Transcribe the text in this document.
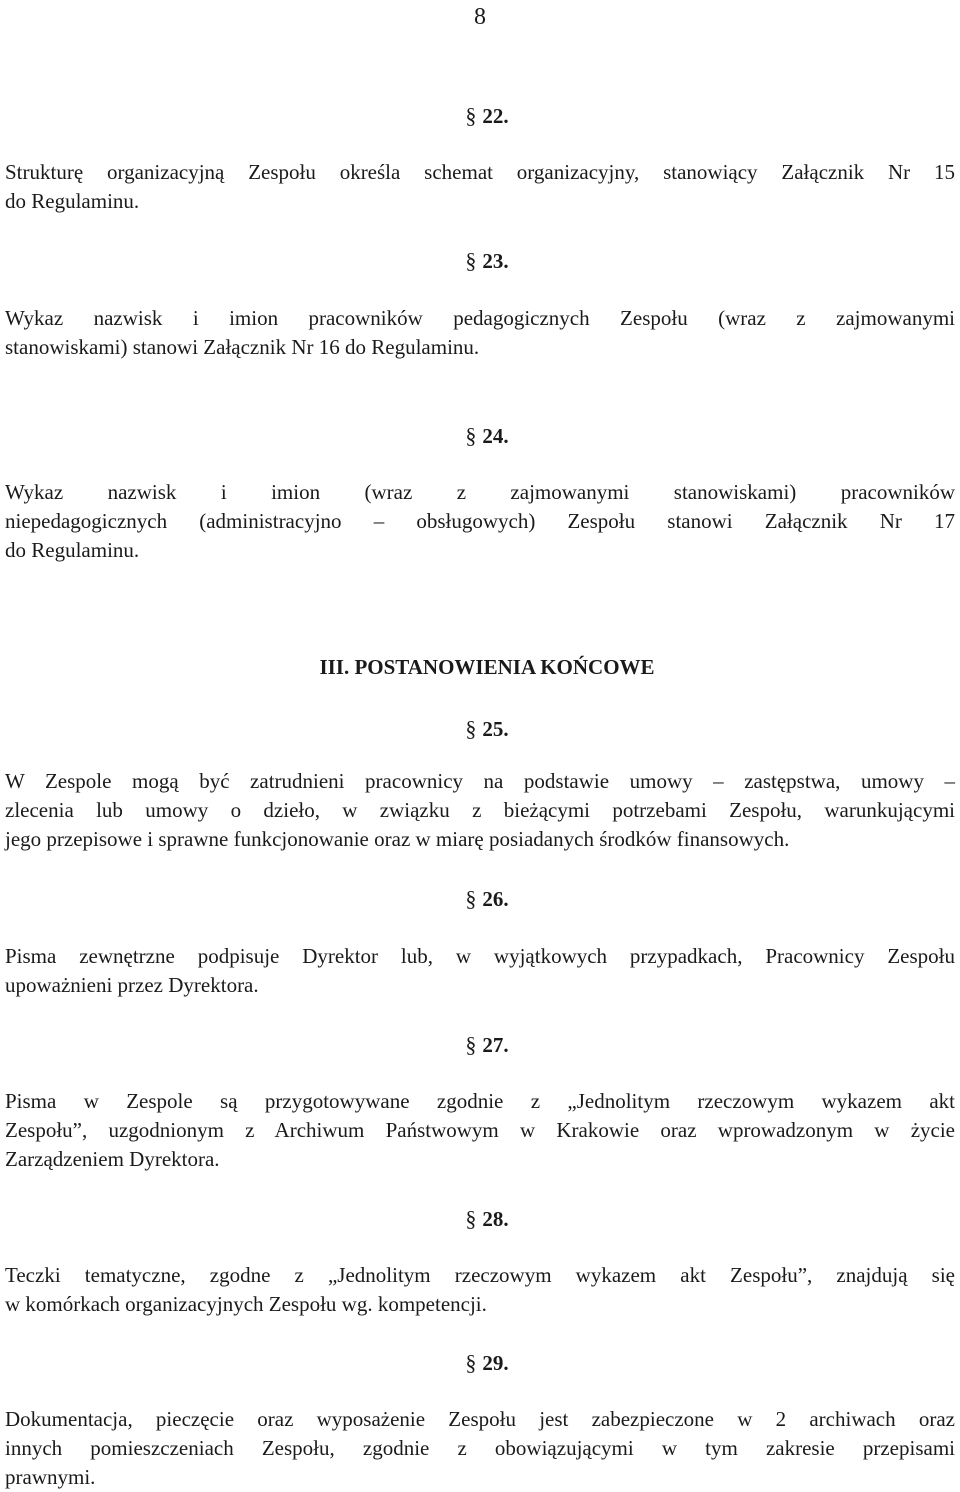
8
§ 22.
Strukturę organizacyjną Zespołu określa schemat organizacyjny, stanowiący Załącznik Nr 15
do Regulaminu.
§ 23.
Wykaz nazwisk i imion pracowników pedagogicznych Zespołu (wraz z zajmowanymi
stanowiskami) stanowi Załącznik Nr 16 do Regulaminu.
§ 24.
Wykaz nazwisk i imion (wraz z zajmowanymi stanowiskami) pracowników
niepedagogicznych (administracyjno – obsługowych) Zespołu stanowi Załącznik Nr 17
do Regulaminu.
III. POSTANOWIENIA KOŃCOWE
§ 25.
W Zespole mogą być zatrudnieni pracownicy na podstawie umowy – zastępstwa, umowy –
zlecenia lub umowy o dzieło, w związku z bieżącymi potrzebami Zespołu, warunkującymi
jego przepisowe i sprawne funkcjonowanie oraz w miarę posiadanych środków finansowych.
§ 26.
Pisma zewnętrzne podpisuje Dyrektor lub, w wyjątkowych przypadkach, Pracownicy Zespołu
upoważnieni przez Dyrektora.
§ 27.
Pisma w Zespole są przygotowywane zgodnie z „Jednolitym rzeczowym wykazem akt
Zespołu”, uzgodnionym z Archiwum Państwowym w Krakowie oraz wprowadzonym w życie
Zarządzeniem Dyrektora.
§ 28.
Teczki tematyczne, zgodne z „Jednolitym rzeczowym wykazem akt Zespołu”, znajdują się
w komórkach organizacyjnych Zespołu wg. kompetencji.
§ 29.
Dokumentacja, pieczęcie oraz wyposażenie Zespołu jest zabezpieczone w 2 archiwach oraz
innych pomieszczeniach Zespołu, zgodnie z obowiązującymi w tym zakresie przepisami
prawnymi.
